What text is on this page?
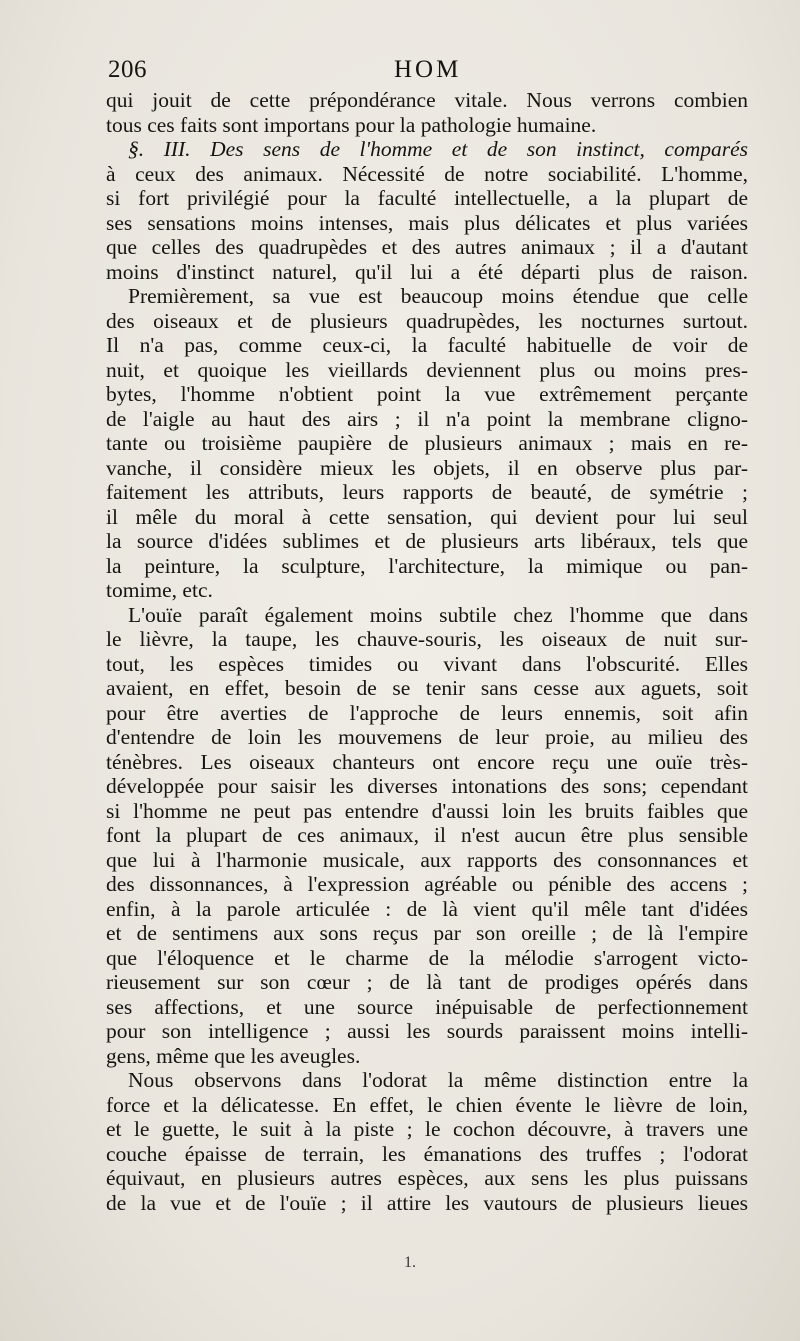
206	HOM
qui jouit de cette prépondérance vitale. Nous verrons combien
tous ces faits sont importans pour la pathologie humaine.
§. III. Des sens de l'homme et de son instinct, comparés
à ceux des animaux. Nécessité de notre sociabilité. L'homme,
si fort privilégié pour la faculté intellectuelle, a la plupart de
ses sensations moins intenses, mais plus délicates et plus variées
que celles des quadrupèdes et des autres animaux ; il a d'autant
moins d'instinct naturel, qu'il lui a été départi plus de raison.
Premièrement, sa vue est beaucoup moins étendue que celle
des oiseaux et de plusieurs quadrupèdes, les nocturnes surtout.
Il n'a pas, comme ceux-ci, la faculté habituelle de voir de
nuit, et quoique les vieillards deviennent plus ou moins pres-
bytes, l'homme n'obtient point la vue extrêmement perçante
de l'aigle au haut des airs ; il n'a point la membrane cligno-
tante ou troisième paupière de plusieurs animaux ; mais en re-
vanche, il considère mieux les objets, il en observe plus par-
faitement les attributs, leurs rapports de beauté, de symétrie ;
il mêle du moral à cette sensation, qui devient pour lui seul
la source d'idées sublimes et de plusieurs arts libéraux, tels que
la peinture, la sculpture, l'architecture, la mimique ou pan-
tomime, etc.
L'ouïe paraît également moins subtile chez l'homme que dans
le lièvre, la taupe, les chauve-souris, les oiseaux de nuit sur-
tout, les espèces timides ou vivant dans l'obscurité. Elles
avaient, en effet, besoin de se tenir sans cesse aux aguets, soit
pour être averties de l'approche de leurs ennemis, soit afin
d'entendre de loin les mouvemens de leur proie, au milieu des
ténèbres. Les oiseaux chanteurs ont encore reçu une ouïe très-
développée pour saisir les diverses intonations des sons; cependant
si l'homme ne peut pas entendre d'aussi loin les bruits faibles que
font la plupart de ces animaux, il n'est aucun être plus sensible
que lui à l'harmonie musicale, aux rapports des consonnances et
des dissonnances, à l'expression agréable ou pénible des accens ;
enfin, à la parole articulée : de là vient qu'il mêle tant d'idées
et de sentimens aux sons reçus par son oreille ; de là l'empire
que l'éloquence et le charme de la mélodie s'arrogent victo-
rieusement sur son cœur ; de là tant de prodiges opérés dans
ses affections, et une source inépuisable de perfectionnement
pour son intelligence ; aussi les sourds paraissent moins intelli-
gens, même que les aveugles.
Nous observons dans l'odorat la même distinction entre la
force et la délicatesse. En effet, le chien évente le lièvre de loin,
et le guette, le suit à la piste ; le cochon découvre, à travers une
couche épaisse de terrain, les émanations des truffes ; l'odorat
équivaut, en plusieurs autres espèces, aux sens les plus puissans
de la vue et de l'ouïe ; il attire les vautours de plusieurs lieues
1.
